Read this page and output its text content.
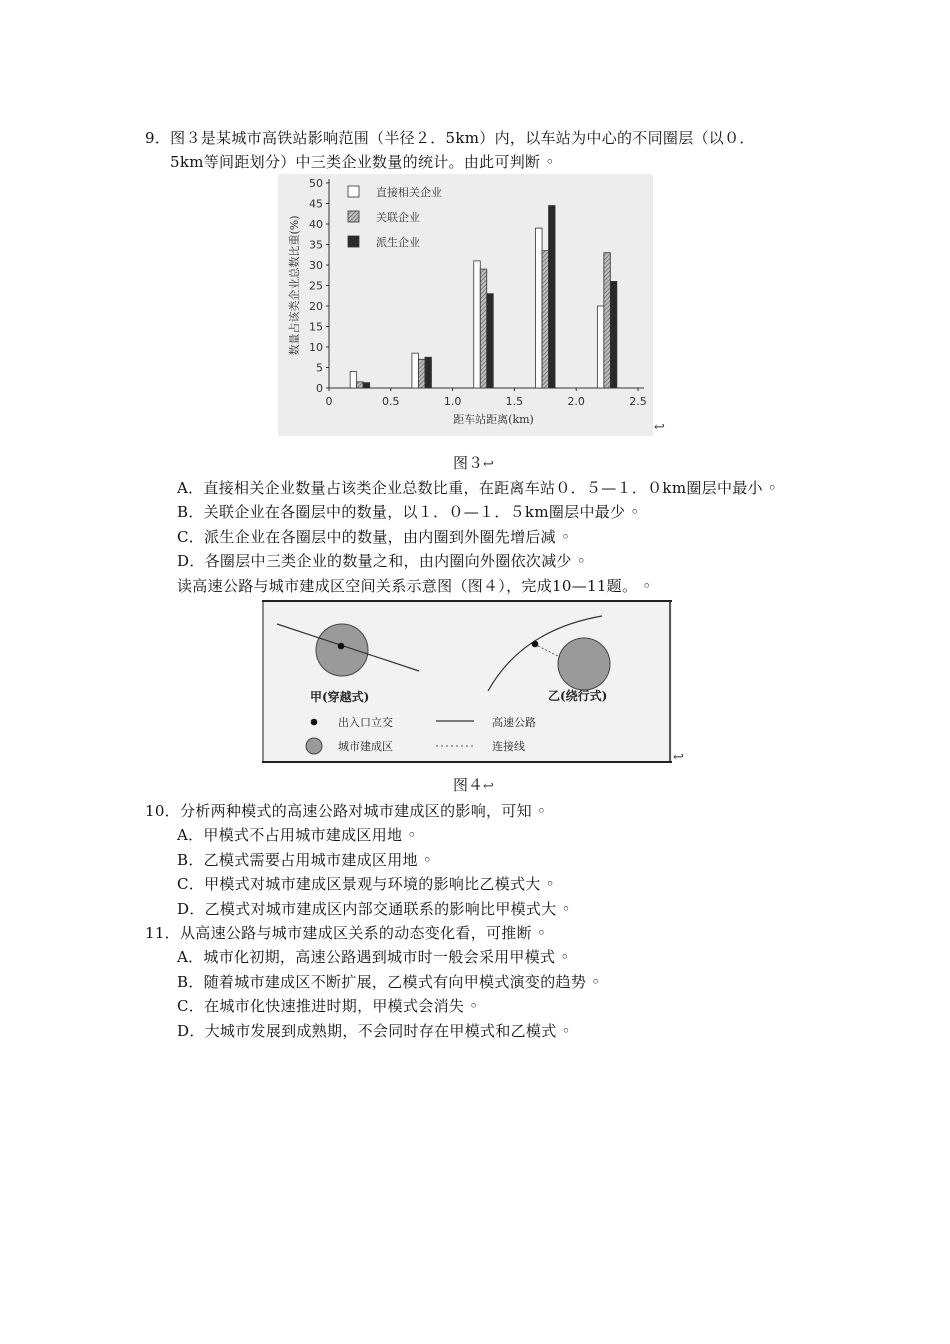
9．图３是某城市高铁站影响范围（半径２．5km）内，以车站为中心的不同圈层（以０．
5km等间距划分）中三类企业数量的统计。由此可判断 ◦
0
5
10
15
20
25
30
35
40
45
50
0	0.5	1.0	1.5	2.0	2.5
距车站距离(km)
数量占该类企业总数比重(%)
直接相关企业
关联企业
派生企业
↩
图３↩
A．直接相关企业数量占该类企业总数比重，在距离车站０．５—１．０km圈层中最小 ◦
B．关联企业在各圈层中的数量，以１．０—１．５km圈层中最少 ◦
C．派生企业在各圈层中的数量，由内圈到外圈先增后减 ◦
D．各圈层中三类企业的数量之和，由内圈向外圈依次减少 ◦
读高速公路与城市建成区空间关系示意图（图４），完成10—11题。 ◦
甲(穿越式)	乙(绕行式)
出入口立交	高速公路
城市建成区	连接线
↩
图４↩
10．分析两种模式的高速公路对城市建成区的影响，可知 ◦
A．甲模式不占用城市建成区用地 ◦
B．乙模式需要占用城市建成区用地 ◦
C．甲模式对城市建成区景观与环境的影响比乙模式大 ◦
D．乙模式对城市建成区内部交通联系的影响比甲模式大 ◦
11．从高速公路与城市建成区关系的动态变化看，可推断 ◦
A．城市化初期，高速公路遇到城市时一般会采用甲模式 ◦
B．随着城市建成区不断扩展，乙模式有向甲模式演变的趋势 ◦
C．在城市化快速推进时期，甲模式会消失 ◦
D．大城市发展到成熟期，不会同时存在甲模式和乙模式 ◦
